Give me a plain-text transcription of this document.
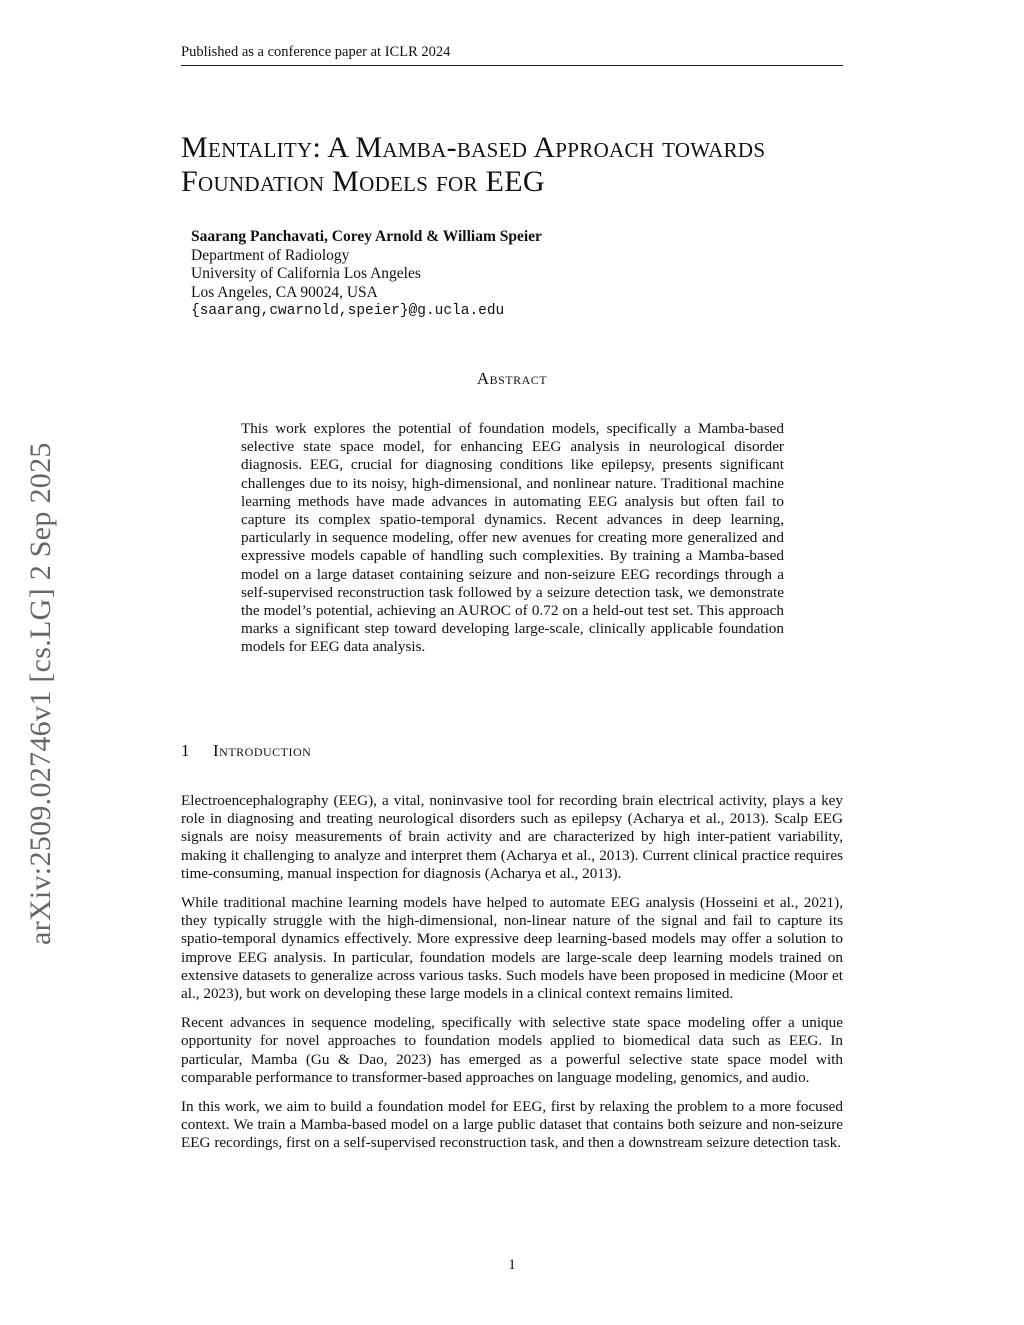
Published as a conference paper at ICLR 2024
arXiv:2509.02746v1 [cs.LG] 2 Sep 2025
Mentality: A Mamba-based Approach towards
Foundation Models for EEG
Saarang Panchavati, Corey Arnold & William Speier
Department of Radiology
University of California Los Angeles
Los Angeles, CA 90024, USA
{saarang,cwarnold,speier}@g.ucla.edu
Abstract
This work explores the potential of foundation models, specifically a Mamba-based selective state space model, for enhancing EEG analysis in neurological disorder diagnosis. EEG, crucial for diagnosing conditions like epilepsy, presents significant challenges due to its noisy, high-dimensional, and nonlinear nature. Traditional machine learning methods have made advances in automating EEG analysis but often fail to capture its complex spatio-temporal dynamics. Recent advances in deep learning, particularly in sequence modeling, offer new avenues for creating more generalized and expressive models capable of handling such complexities. By training a Mamba-based model on a large dataset containing seizure and non-seizure EEG recordings through a self-supervised reconstruction task followed by a seizure detection task, we demonstrate the model’s potential, achieving an AUROC of 0.72 on a held-out test set. This approach marks a significant step toward developing large-scale, clinically applicable foundation models for EEG data analysis.
1 Introduction

Electroencephalography (EEG), a vital, noninvasive tool for recording brain electrical activity, plays a key role in diagnosing and treating neurological disorders such as epilepsy (Acharya et al., 2013). Scalp EEG signals are noisy measurements of brain activity and are characterized by high inter-patient variability, making it challenging to analyze and interpret them (Acharya et al., 2013). Current clinical practice requires time-consuming, manual inspection for diagnosis (Acharya et al., 2013).

While traditional machine learning models have helped to automate EEG analysis (Hosseini et al., 2021), they typically struggle with the high-dimensional, non-linear nature of the signal and fail to capture its spatio-temporal dynamics effectively. More expressive deep learning-based models may offer a solution to improve EEG analysis. In particular, foundation models are large-scale deep learning models trained on extensive datasets to generalize across various tasks. Such models have been proposed in medicine (Moor et al., 2023), but work on developing these large models in a clinical context remains limited.

Recent advances in sequence modeling, specifically with selective state space modeling offer a unique opportunity for novel approaches to foundation models applied to biomedical data such as EEG. In particular, Mamba (Gu & Dao, 2023) has emerged as a powerful selective state space model with comparable performance to transformer-based approaches on language modeling, genomics, and audio.

In this work, we aim to build a foundation model for EEG, first by relaxing the problem to a more focused context. We train a Mamba-based model on a large public dataset that contains both seizure and non-seizure EEG recordings, first on a self-supervised reconstruction task, and then a downstream seizure detection task.

1
